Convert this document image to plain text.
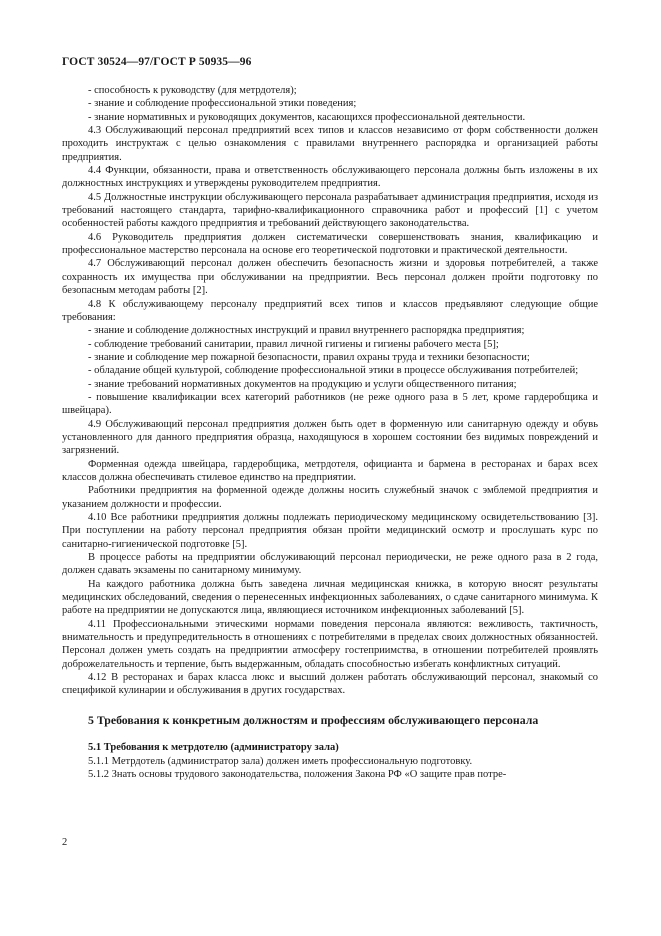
ГОСТ 30524—97/ГОСТ Р 50935—96

- способность к руководству (для метрдотеля);

- знание и соблюдение профессиональной этики поведения;

- знание нормативных и руководящих документов, касающихся профессиональной деятельности.

4.3 Обслуживающий персонал предприятий всех типов и классов независимо от форм собственности должен проходить инструктаж с целью ознакомления с правилами внутреннего распорядка и организацией работы предприятия.

4.4 Функции, обязанности, права и ответственность обслуживающего персонала должны быть изложены в их должностных инструкциях и утверждены руководителем предприятия.

4.5 Должностные инструкции обслуживающего персонала разрабатывает администрация предприятия, исходя из требований настоящего стандарта, тарифно-квалификационного справочника работ и профессий [1] с учетом особенностей работы каждого предприятия и требований действующего законодательства.

4.6 Руководитель предприятия должен систематически совершенствовать знания, квалификацию и профессиональное мастерство персонала на основе его теоретической подготовки и практической деятельности.

4.7 Обслуживающий персонал должен обеспечить безопасность жизни и здоровья потребителей, а также сохранность их имущества при обслуживании на предприятии. Весь персонал должен пройти подготовку по безопасным методам работы [2].

4.8 К обслуживающему персоналу предприятий всех типов и классов предъявляют следующие общие требования:

- знание и соблюдение должностных инструкций и правил внутреннего распорядка предприятия;

- соблюдение требований санитарии, правил личной гигиены и гигиены рабочего места [5];

- знание и соблюдение мер пожарной безопасности, правил охраны труда и техники безопасности;

- обладание общей культурой, соблюдение профессиональной этики в процессе обслуживания потребителей;

- знание требований нормативных документов на продукцию и услуги общественного питания;

- повышение квалификации всех категорий работников (не реже одного раза в 5 лет, кроме гардеробщика и швейцара).

4.9 Обслуживающий персонал предприятия должен быть одет в форменную или санитарную одежду и обувь установленного для данного предприятия образца, находящуюся в хорошем состоянии без видимых повреждений и загрязнений.

Форменная одежда швейцара, гардеробщика, метрдотеля, официанта и бармена в ресторанах и барах всех классов должна обеспечивать стилевое единство на предприятии.

Работники предприятия на форменной одежде должны носить служебный значок с эмблемой предприятия и указанием должности и профессии.

4.10 Все работники предприятия должны подлежать периодическому медицинскому освидетельствованию [3]. При поступлении на работу персонал предприятия обязан пройти медицинский осмотр и прослушать курс по санитарно-гигиенической подготовке [5].

В процессе работы на предприятии обслуживающий персонал периодически, не реже одного раза в 2 года, должен сдавать экзамены по санитарному минимуму.

На каждого работника должна быть заведена личная медицинская книжка, в которую вносят результаты медицинских обследований, сведения о перенесенных инфекционных заболеваниях, о сдаче санитарного минимума. К работе на предприятии не допускаются лица, являющиеся источником инфекционных заболеваний [5].

4.11 Профессиональными этическими нормами поведения персонала являются: вежливость, тактичность, внимательность и предупредительность в отношениях с потребителями в пределах своих должностных обязанностей. Персонал должен уметь создать на предприятии атмосферу гостеприимства, в отношении потребителей проявлять доброжелательность и терпение, быть выдержанным, обладать способностью избегать конфликтных ситуаций.

4.12 В ресторанах и барах класса люкс и высший должен работать обслуживающий персонал, знакомый со спецификой кулинарии и обслуживания в других государствах.

5 Требования к конкретным должностям и профессиям обслуживающего персонала

5.1 Требования к метрдотелю (администратору зала)

5.1.1 Метрдотель (администратор зала) должен иметь профессиональную подготовку.

5.1.2 Знать основы трудового законодательства, положения Закона РФ «О защите прав потре-

2
